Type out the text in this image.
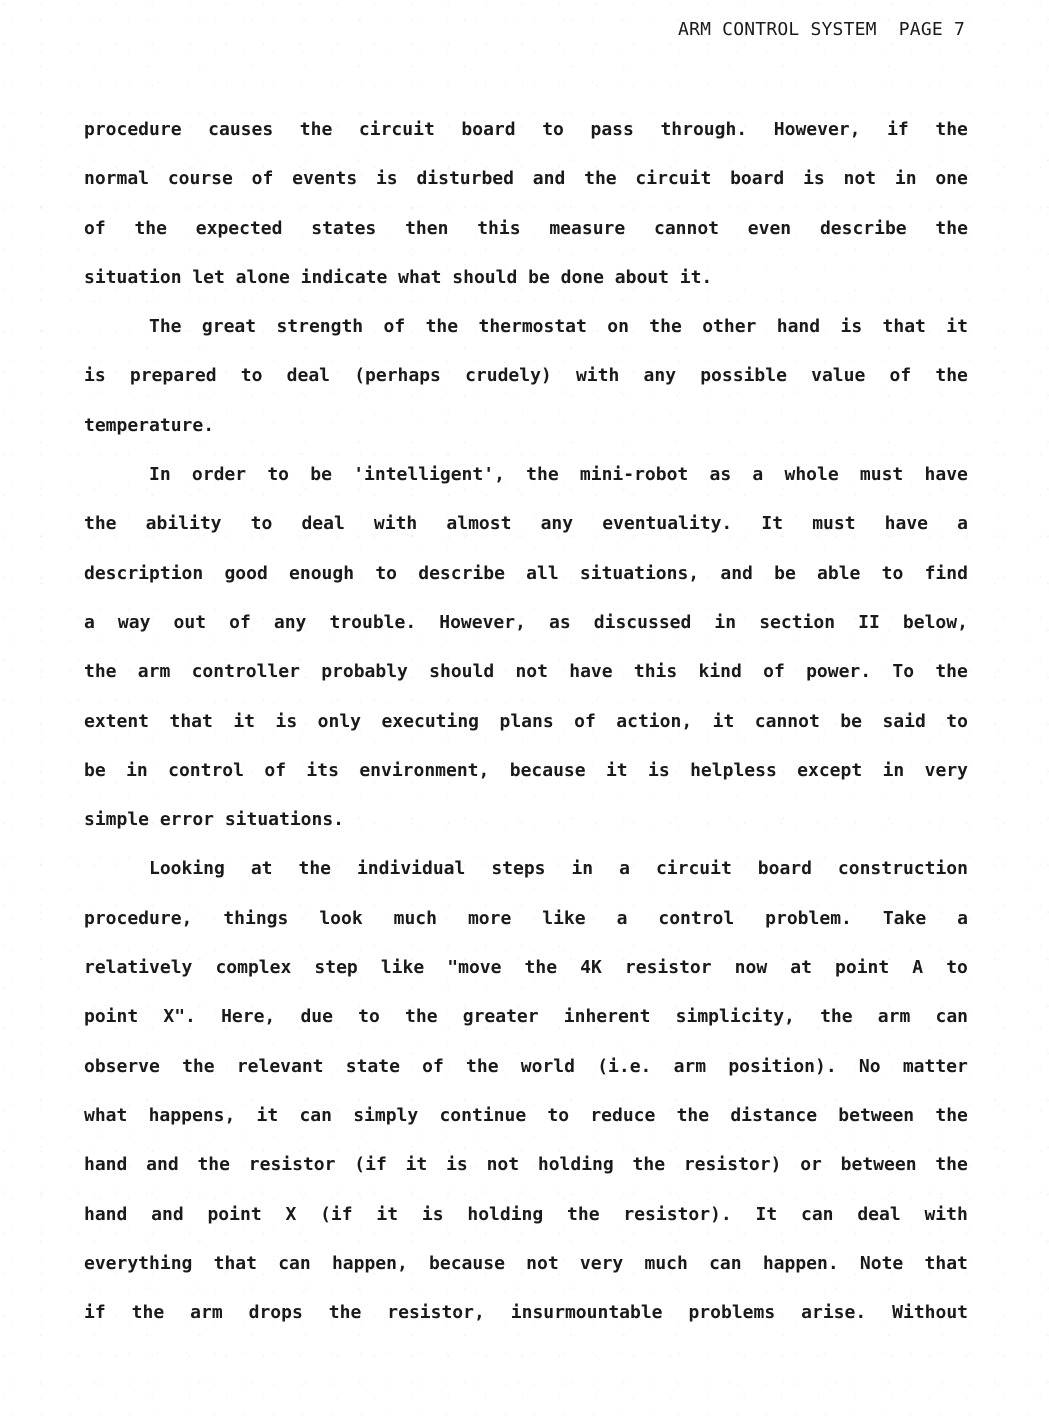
ARM CONTROL SYSTEM  PAGE 7
procedure causes the circuit board to pass through. However, if the
normal course of events is disturbed and the circuit board is not in one
of the expected states then this measure cannot even describe the
situation let alone indicate what should be done about it.
The great strength of the thermostat on the other hand is that it
is prepared to deal (perhaps crudely) with any possible value of the
temperature.
In order to be 'intelligent', the mini-robot as a whole must have
the ability to deal with almost any eventuality. It must have a
description good enough to describe all situations, and be able to find
a way out of any trouble. However, as discussed in section II below,
the arm controller probably should not have this kind of power. To the
extent that it is only executing plans of action, it cannot be said to
be in control of its environment, because it is helpless except in very
simple error situations.
Looking at the individual steps in a circuit board construction
procedure, things look much more like a control problem. Take a
relatively complex step like "move the 4K resistor now at point A to
point X". Here, due to the greater inherent simplicity, the arm can
observe the relevant state of the world (i.e. arm position). No matter
what happens, it can simply continue to reduce the distance between the
hand and the resistor (if it is not holding the resistor) or between the
hand and point X (if it is holding the resistor). It can deal with
everything that can happen, because not very much can happen. Note that
if the arm drops the resistor, insurmountable problems arise. Without
